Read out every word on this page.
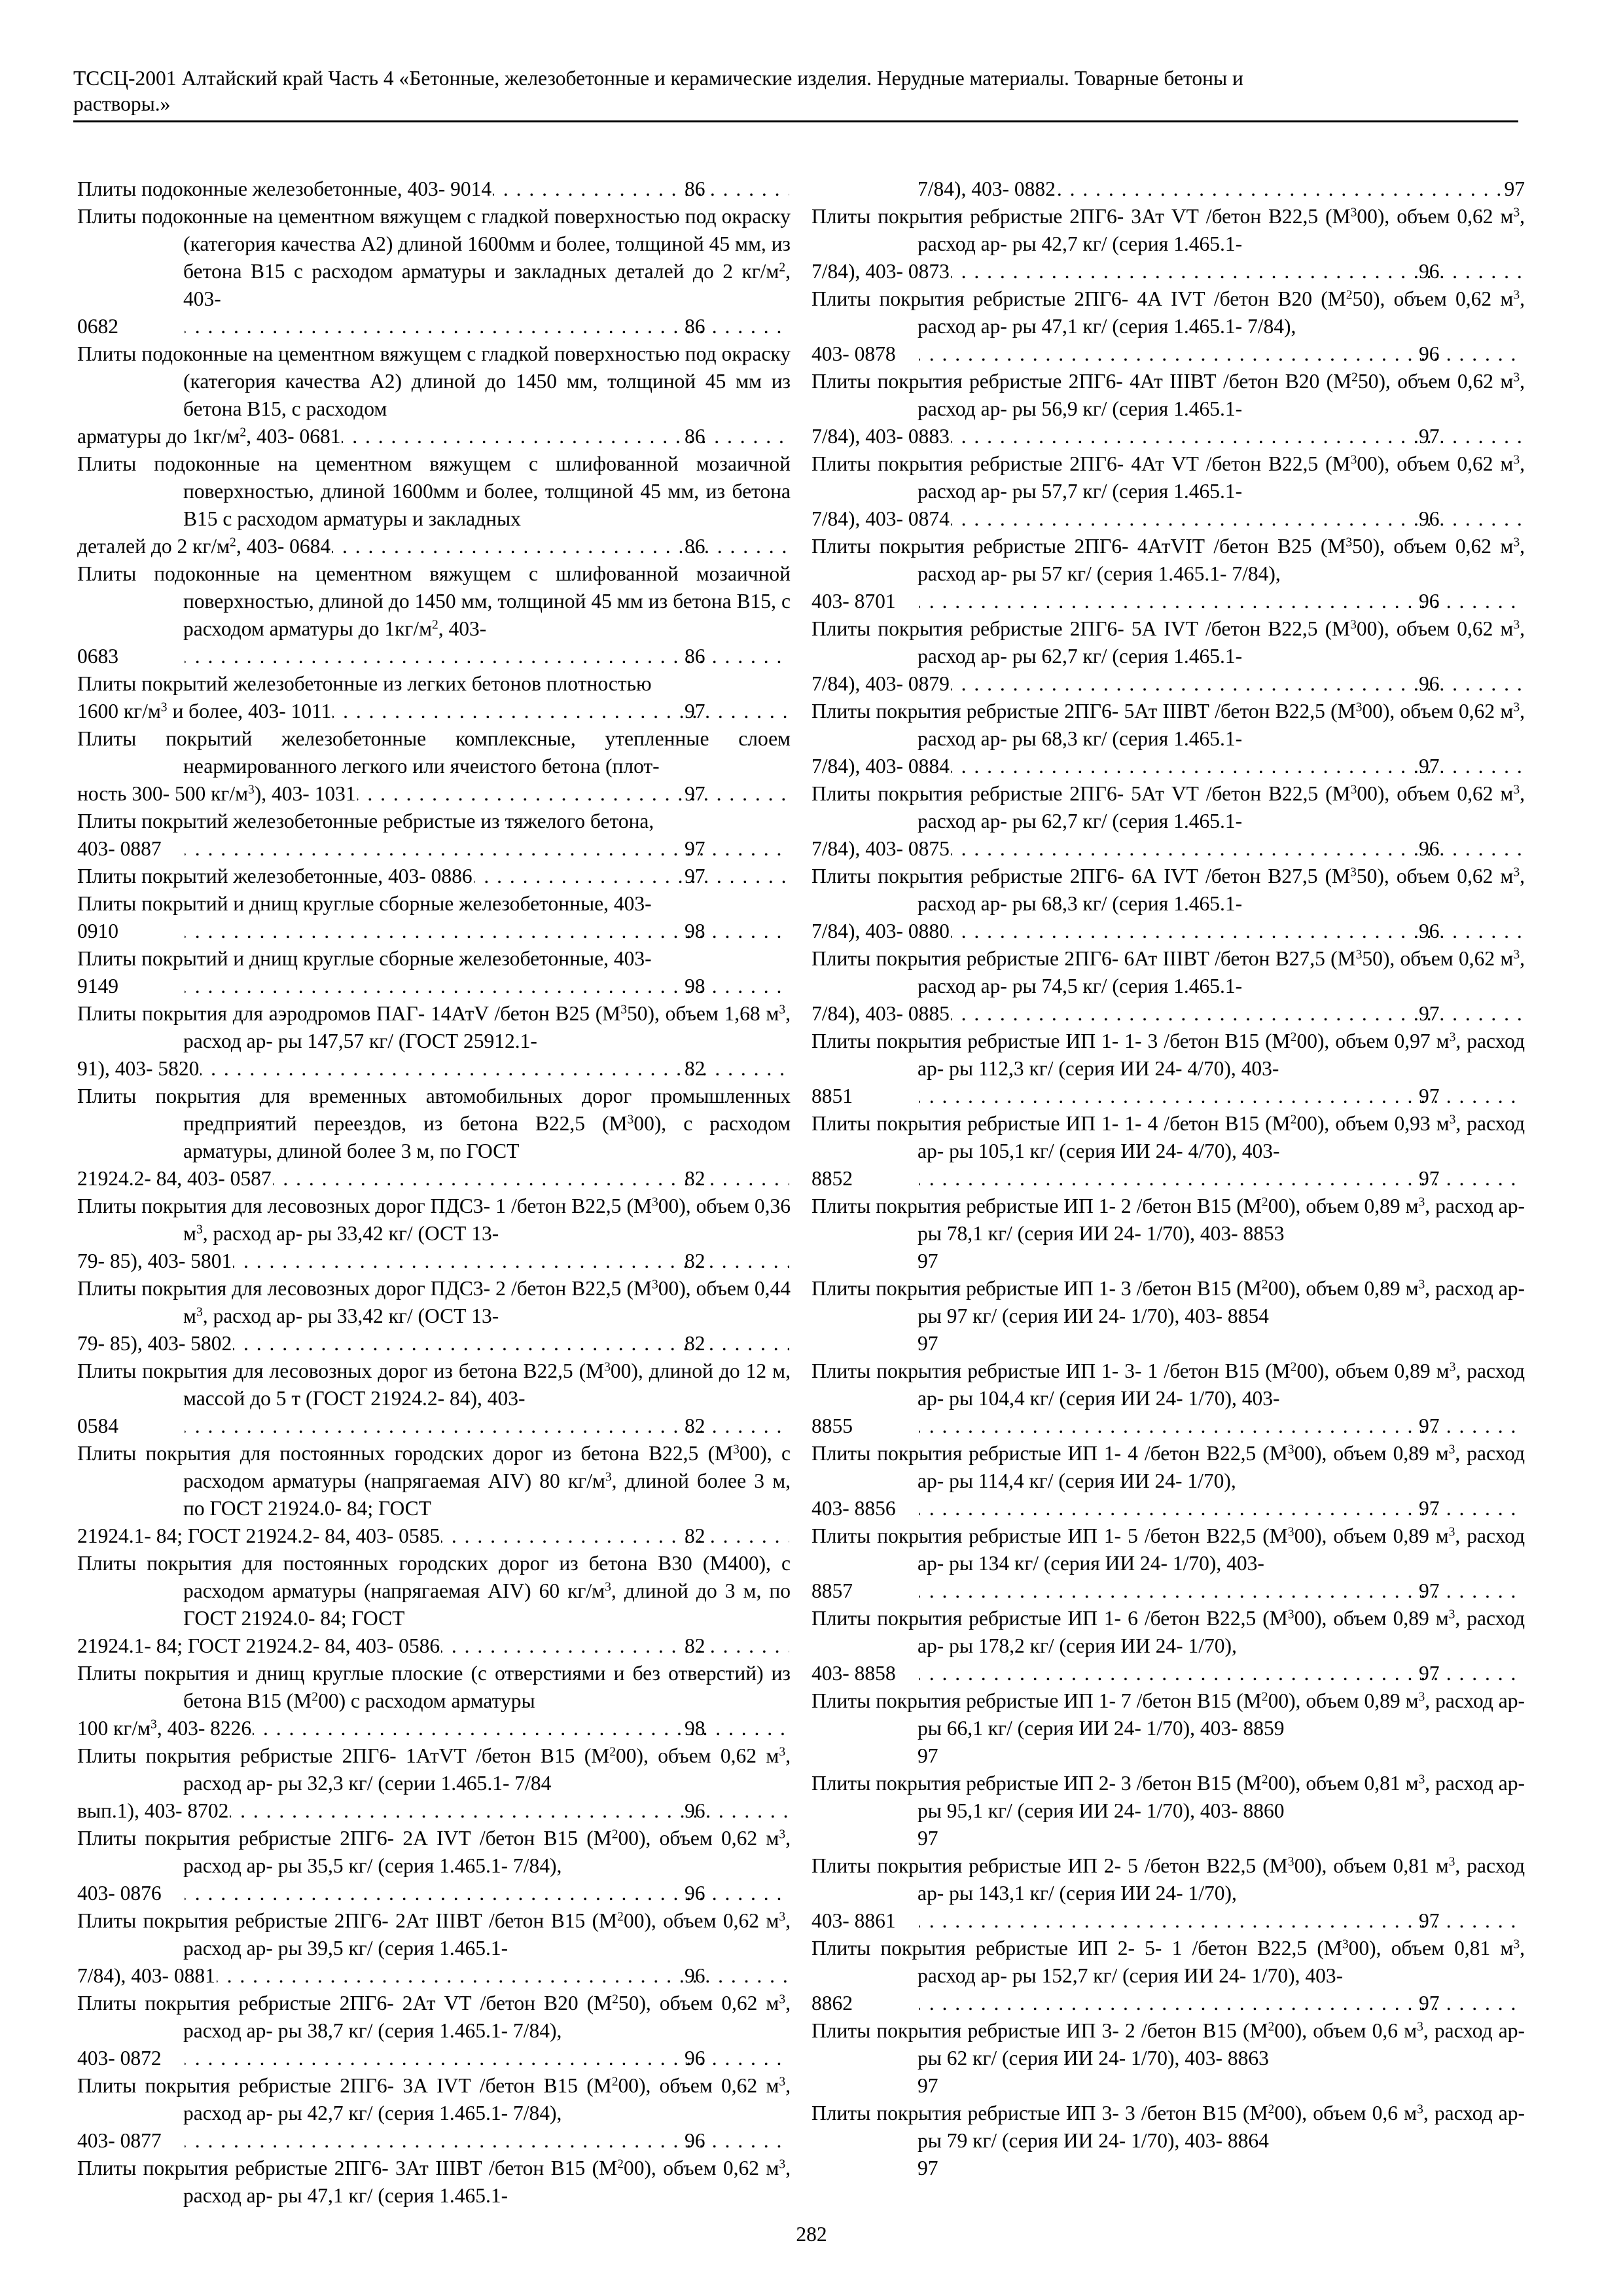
ТССЦ-2001 Алтайский край Часть 4 «Бетонные, железобетонные и керамические изделия. Нерудные материалы. Товарные бетоны и
растворы.»

Плиты подоконные железобетонные, 403- 9014 . . .	86

Плиты подоконные на цементном вяжущем с гладкой поверхностью под окраску (категория качества А2) длиной 1600мм и более, толщиной 45 мм, из бетона В15 с расходом арматуры и закладных деталей до 2 $кг/м^2$, 403-
0682 . . .	86

Плиты подоконные на цементном вяжущем с гладкой поверхностью под окраску (категория качества А2) длиной до 1450 мм, толщиной 45 мм из бетона В15, с расходом
арматуры до $1кг/м^2$, 403- 0681 . . .	86

Плиты подоконные на цементном вяжущем с шлифованной мозаичной поверхностью, длиной 1600мм и более, толщиной 45 мм, из бетона В15 с расходом арматуры и закладных
деталей до 2 $кг/м^2$, 403- 0684 . . .	86

Плиты подоконные на цементном вяжущем с шлифованной мозаичной поверхностью, длиной до 1450 мм, толщиной 45 мм из бетона В15, с расходом арматуры до $1кг/м^2$, 403-
0683 . . .	86

Плиты покрытий железобетонные из легких бетонов плотностью
1600 $кг/м^3$ и более, 403- 1011 . . .	97

Плиты покрытий железобетонные комплексные, утепленные слоем неармированного легкого или ячеистого бетона (плот-
ность 300- 500 $кг/м^3$), 403- 1031 . . .	97

Плиты покрытий железобетонные ребристые из тяжелого бетона,
403- 0887 . . .	97

Плиты покрытий железобетонные, 403- 0886 . . .	97

Плиты покрытий и днищ круглые сборные железобетонные, 403-
0910 . . .	98

Плиты покрытий и днищ круглые сборные железобетонные, 403-
9149 . . .	98

Плиты покрытия для аэродромов ПАГ- 14АтV /бетон В25 $(М^350)$, объем 1,68 $м^3$, расход ар- ры 147,57 кг/ (ГОСТ 25912.1-
91), 403- 5820 . . .	82

Плиты покрытия для временных автомобильных дорог промышленных предприятий переездов, из бетона В22,5 $(М^300)$, с расходом арматуры, длиной более 3 м, по ГОСТ
21924.2- 84, 403- 0587 . . .	82

Плиты покрытия для лесовозных дорог ПДС3- 1 /бетон В22,5 $(М^300)$, объем 0,36 $м^3$, расход ар- ры 33,42 кг/ (ОСТ 13-
79- 85), 403- 5801 . . .	82

Плиты покрытия для лесовозных дорог ПДС3- 2 /бетон В22,5 $(М^300)$, объем 0,44 $м^3$, расход ар- ры 33,42 кг/ (ОСТ 13-
79- 85), 403- 5802 . . .	82

Плиты покрытия для лесовозных дорог из бетона В22,5 $(М^300)$, длиной до 12 м, массой до 5 т (ГОСТ 21924.2- 84), 403-
0584 . . .	82

Плиты покрытия для постоянных городских дорог из бетона В22,5 $(М^300)$, с расходом арматуры (напрягаемая AIV) 80 $кг/м^3$, длиной более 3 м, по ГОСТ 21924.0- 84; ГОСТ
21924.1- 84; ГОСТ 21924.2- 84, 403- 0585 . . .	82

Плиты покрытия для постоянных городских дорог из бетона В30 (М400), с расходом арматуры (напрягаемая AIV) 60 $кг/м^3$, длиной до 3 м, по ГОСТ 21924.0- 84; ГОСТ
21924.1- 84; ГОСТ 21924.2- 84, 403- 0586 . . .	82

Плиты покрытия и днищ круглые плоские (с отверстиями и без отверстий) из бетона В15 $(М^200)$ с расходом арматуры
100 $кг/м^3$, 403- 8226 . . .	98

Плиты покрытия ребристые 2ПГ6- 1АтVТ /бетон В15 $(М^200)$, объем 0,62 $м^3$, расход ар- ры 32,3 кг/ (серии 1.465.1- 7/84
вып.1), 403- 8702 . . .	96

Плиты покрытия ребристые 2ПГ6- 2А IVТ /бетон В15 $(М^200)$, объем 0,62 $м^3$, расход ар- ры 35,5 кг/ (серия 1.465.1- 7/84),
403- 0876 . . .	96

Плиты покрытия ребристые 2ПГ6- 2Ат IIIВТ /бетон В15 $(М^200)$, объем 0,62 $м^3$, расход ар- ры 39,5 кг/ (серия 1.465.1-
7/84), 403- 0881 . . .	96

Плиты покрытия ребристые 2ПГ6- 2Ат VТ /бетон В20 $(М^250)$, объем 0,62 $м^3$, расход ар- ры 38,7 кг/ (серия 1.465.1- 7/84),
403- 0872 . . .	96

Плиты покрытия ребристые 2ПГ6- 3А IVТ /бетон В15 $(М^200)$, объем 0,62 $м^3$, расход ар- ры 42,7 кг/ (серия 1.465.1- 7/84),
403- 0877 . . .	96

Плиты покрытия ребристые 2ПГ6- 3Ат IIIВТ /бетон В15 $(М^200)$, объем 0,62 $м^3$, расход ар- ры 47,1 кг/ (серия 1.465.1-

7/84), 403- 0882 . . .	97

Плиты покрытия ребристые 2ПГ6- 3Ат VТ /бетон В22,5 $(М^300)$, объем 0,62 $м^3$, расход ар- ры 42,7 кг/ (серия 1.465.1-
7/84), 403- 0873 . . .	96

Плиты покрытия ребристые 2ПГ6- 4А IVТ /бетон В20 $(М^250)$, объем 0,62 $м^3$, расход ар- ры 47,1 кг/ (серия 1.465.1- 7/84),
403- 0878 . . .	96

Плиты покрытия ребристые 2ПГ6- 4Ат IIIВТ /бетон В20 $(М^250)$, объем 0,62 $м^3$, расход ар- ры 56,9 кг/ (серия 1.465.1-
7/84), 403- 0883 . . .	97

Плиты покрытия ребристые 2ПГ6- 4Ат VТ /бетон В22,5 $(М^300)$, объем 0,62 $м^3$, расход ар- ры 57,7 кг/ (серия 1.465.1-
7/84), 403- 0874 . . .	96

Плиты покрытия ребристые 2ПГ6- 4АтVIТ /бетон В25 $(М^350)$, объем 0,62 $м^3$, расход ар- ры 57 кг/ (серия 1.465.1- 7/84),
403- 8701 . . .	96

Плиты покрытия ребристые 2ПГ6- 5А IVТ /бетон В22,5 $(М^300)$, объем 0,62 $м^3$, расход ар- ры 62,7 кг/ (серия 1.465.1-
7/84), 403- 0879 . . .	96

Плиты покрытия ребристые 2ПГ6- 5Ат IIIВТ /бетон В22,5 $(М^300)$, объем 0,62 $м^3$, расход ар- ры 68,3 кг/ (серия 1.465.1-
7/84), 403- 0884 . . .	97

Плиты покрытия ребристые 2ПГ6- 5Ат VТ /бетон В22,5 $(М^300)$, объем 0,62 $м^3$, расход ар- ры 62,7 кг/ (серия 1.465.1-
7/84), 403- 0875 . . .	96

Плиты покрытия ребристые 2ПГ6- 6А IVТ /бетон В27,5 $(М^350)$, объем 0,62 $м^3$, расход ар- ры 68,3 кг/ (серия 1.465.1-
7/84), 403- 0880 . . .	96

Плиты покрытия ребристые 2ПГ6- 6Ат IIIВТ /бетон В27,5 $(М^350)$, объем 0,62 $м^3$, расход ар- ры 74,5 кг/ (серия 1.465.1-
7/84), 403- 0885 . . .	97

Плиты покрытия ребристые ИП 1- 1- 3 /бетон В15 $(М^200)$, объем 0,97 $м^3$, расход ар- ры 112,3 кг/ (серия ИИ 24- 4/70), 403-
8851 . . .	97

Плиты покрытия ребристые ИП 1- 1- 4 /бетон В15 $(М^200)$, объем 0,93 $м^3$, расход ар- ры 105,1 кг/ (серия ИИ 24- 4/70), 403-
8852 . . .	97

Плиты покрытия ребристые ИП 1- 2 /бетон В15 $(М^200)$, объем 0,89 $м^3$, расход ар- ры 78,1 кг/ (серия ИИ 24- 1/70), 403- 8853
97

Плиты покрытия ребристые ИП 1- 3 /бетон В15 $(М^200)$, объем 0,89 $м^3$, расход ар- ры 97 кг/ (серия ИИ 24- 1/70), 403- 8854
97

Плиты покрытия ребристые ИП 1- 3- 1 /бетон В15 $(М^200)$, объем 0,89 $м^3$, расход ар- ры 104,4 кг/ (серия ИИ 24- 1/70), 403-
8855 . . .	97

Плиты покрытия ребристые ИП 1- 4 /бетон В22,5 $(М^300)$, объем 0,89 $м^3$, расход ар- ры 114,4 кг/ (серия ИИ 24- 1/70),
403- 8856 . . .	97

Плиты покрытия ребристые ИП 1- 5 /бетон В22,5 $(М^300)$, объем 0,89 $м^3$, расход ар- ры 134 кг/ (серия ИИ 24- 1/70), 403-
8857 . . .	97

Плиты покрытия ребристые ИП 1- 6 /бетон В22,5 $(М^300)$, объем 0,89 $м^3$, расход ар- ры 178,2 кг/ (серия ИИ 24- 1/70),
403- 8858 . . .	97

Плиты покрытия ребристые ИП 1- 7 /бетон В15 $(М^200)$, объем 0,89 $м^3$, расход ар- ры 66,1 кг/ (серия ИИ 24- 1/70), 403- 8859
97

Плиты покрытия ребристые ИП 2- 3 /бетон В15 $(М^200)$, объем 0,81 $м^3$, расход ар- ры 95,1 кг/ (серия ИИ 24- 1/70), 403- 8860
97

Плиты покрытия ребристые ИП 2- 5 /бетон В22,5 $(М^300)$, объем 0,81 $м^3$, расход ар- ры 143,1 кг/ (серия ИИ 24- 1/70),
403- 8861 . . .	97

Плиты покрытия ребристые ИП 2- 5- 1 /бетон В22,5 $(М^300)$, объем 0,81 $м^3$, расход ар- ры 152,7 кг/ (серия ИИ 24- 1/70), 403-
8862 . . .	97

Плиты покрытия ребристые ИП 3- 2 /бетон В15 $(М^200)$, объем 0,6 $м^3$, расход ар- ры 62 кг/ (серия ИИ 24- 1/70), 403- 8863
97

Плиты покрытия ребристые ИП 3- 3 /бетон В15 $(М^200)$, объем 0,6 $м^3$, расход ар- ры 79 кг/ (серия ИИ 24- 1/70), 403- 8864
97

282
